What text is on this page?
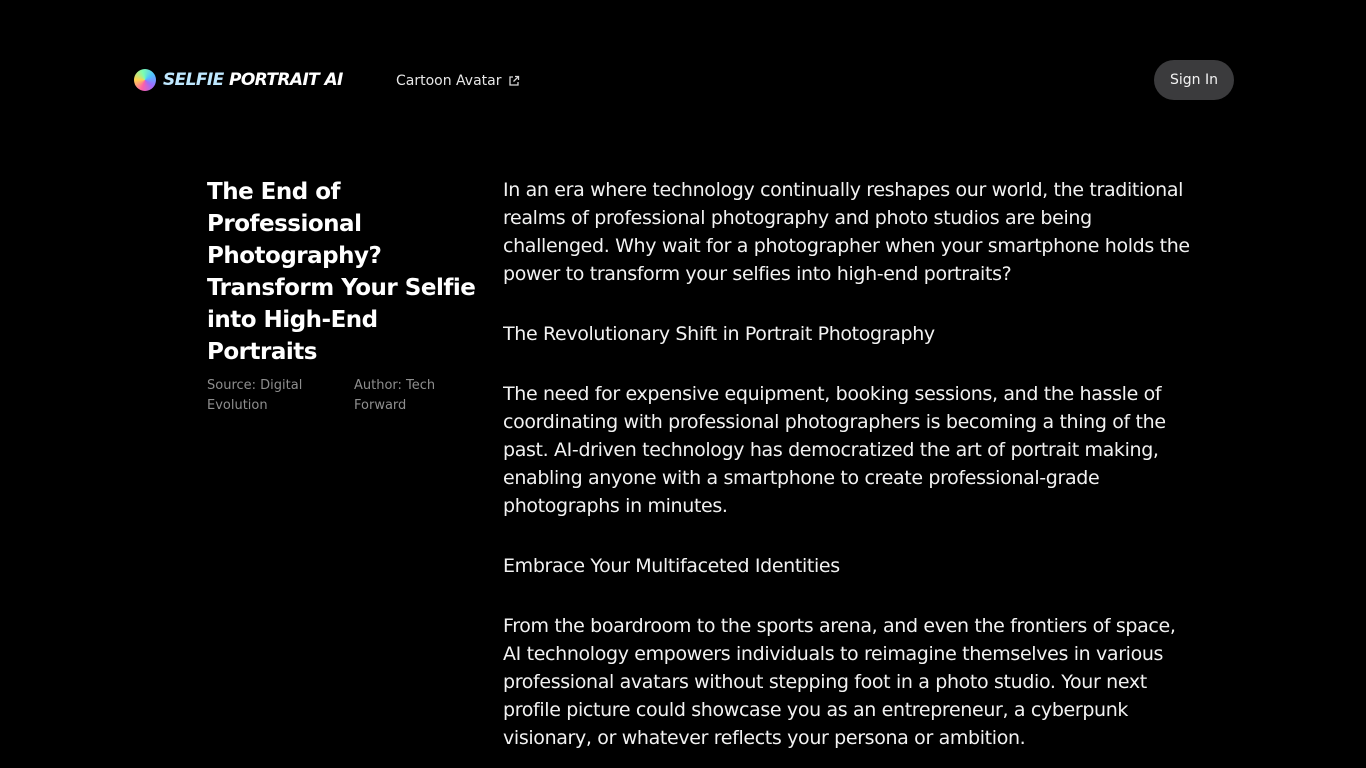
SELFIE PORTRAIT AI	Cartoon Avatar	Sign In
The End of Professional Photography? Transform Your Selfie into High-End Portraits
Source: Digital Evolution
Author: Tech Forward

In an era where technology continually reshapes our world, the traditional realms of professional photography and photo studios are being challenged. Why wait for a photographer when your smartphone holds the power to transform your selfies into high-end portraits?

The Revolutionary Shift in Portrait Photography

The need for expensive equipment, booking sessions, and the hassle of coordinating with professional photographers is becoming a thing of the past. AI-driven technology has democratized the art of portrait making, enabling anyone with a smartphone to create professional-grade photographs in minutes.

Embrace Your Multifaceted Identities

From the boardroom to the sports arena, and even the frontiers of space, AI technology empowers individuals to reimagine themselves in various professional avatars without stepping foot in a photo studio. Your next profile picture could showcase you as an entrepreneur, a cyberpunk visionary, or whatever reflects your persona or ambition.
